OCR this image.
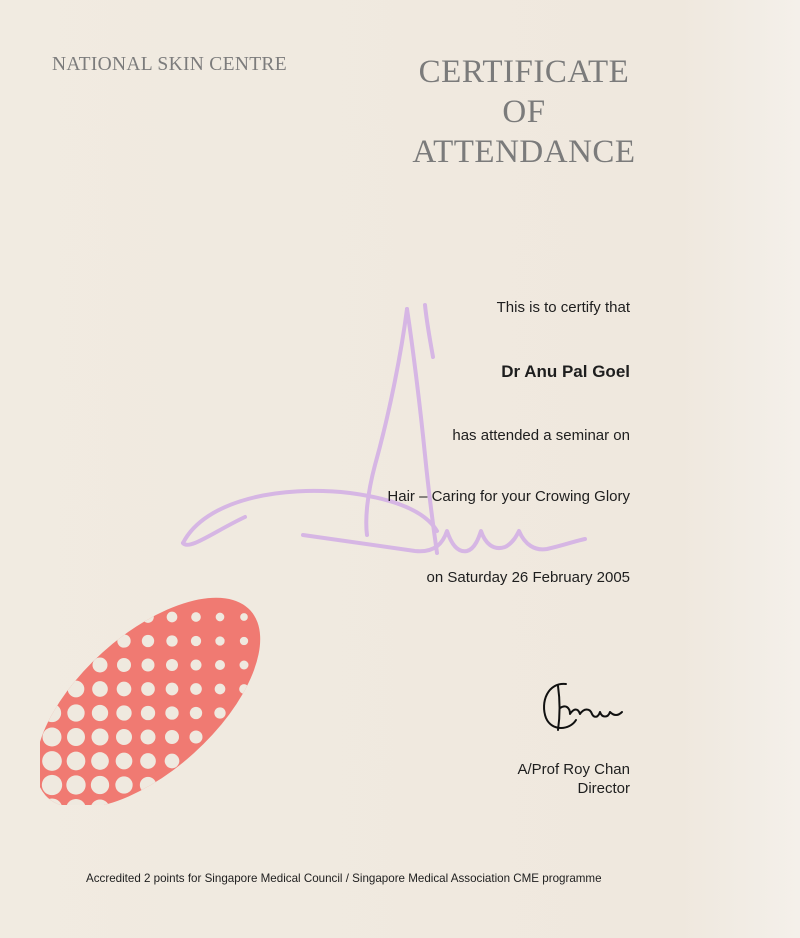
NATIONAL SKIN CENTRE	CERTIFICATE
OF
ATTENDANCE
This is to certify that
Dr Anu Pal Goel
has attended a seminar on
Hair – Caring for your Crowing Glory
on Saturday 26 February 2005
A/Prof Roy Chan
Director
Accredited 2 points for Singapore Medical Council / Singapore Medical Association CME programme
